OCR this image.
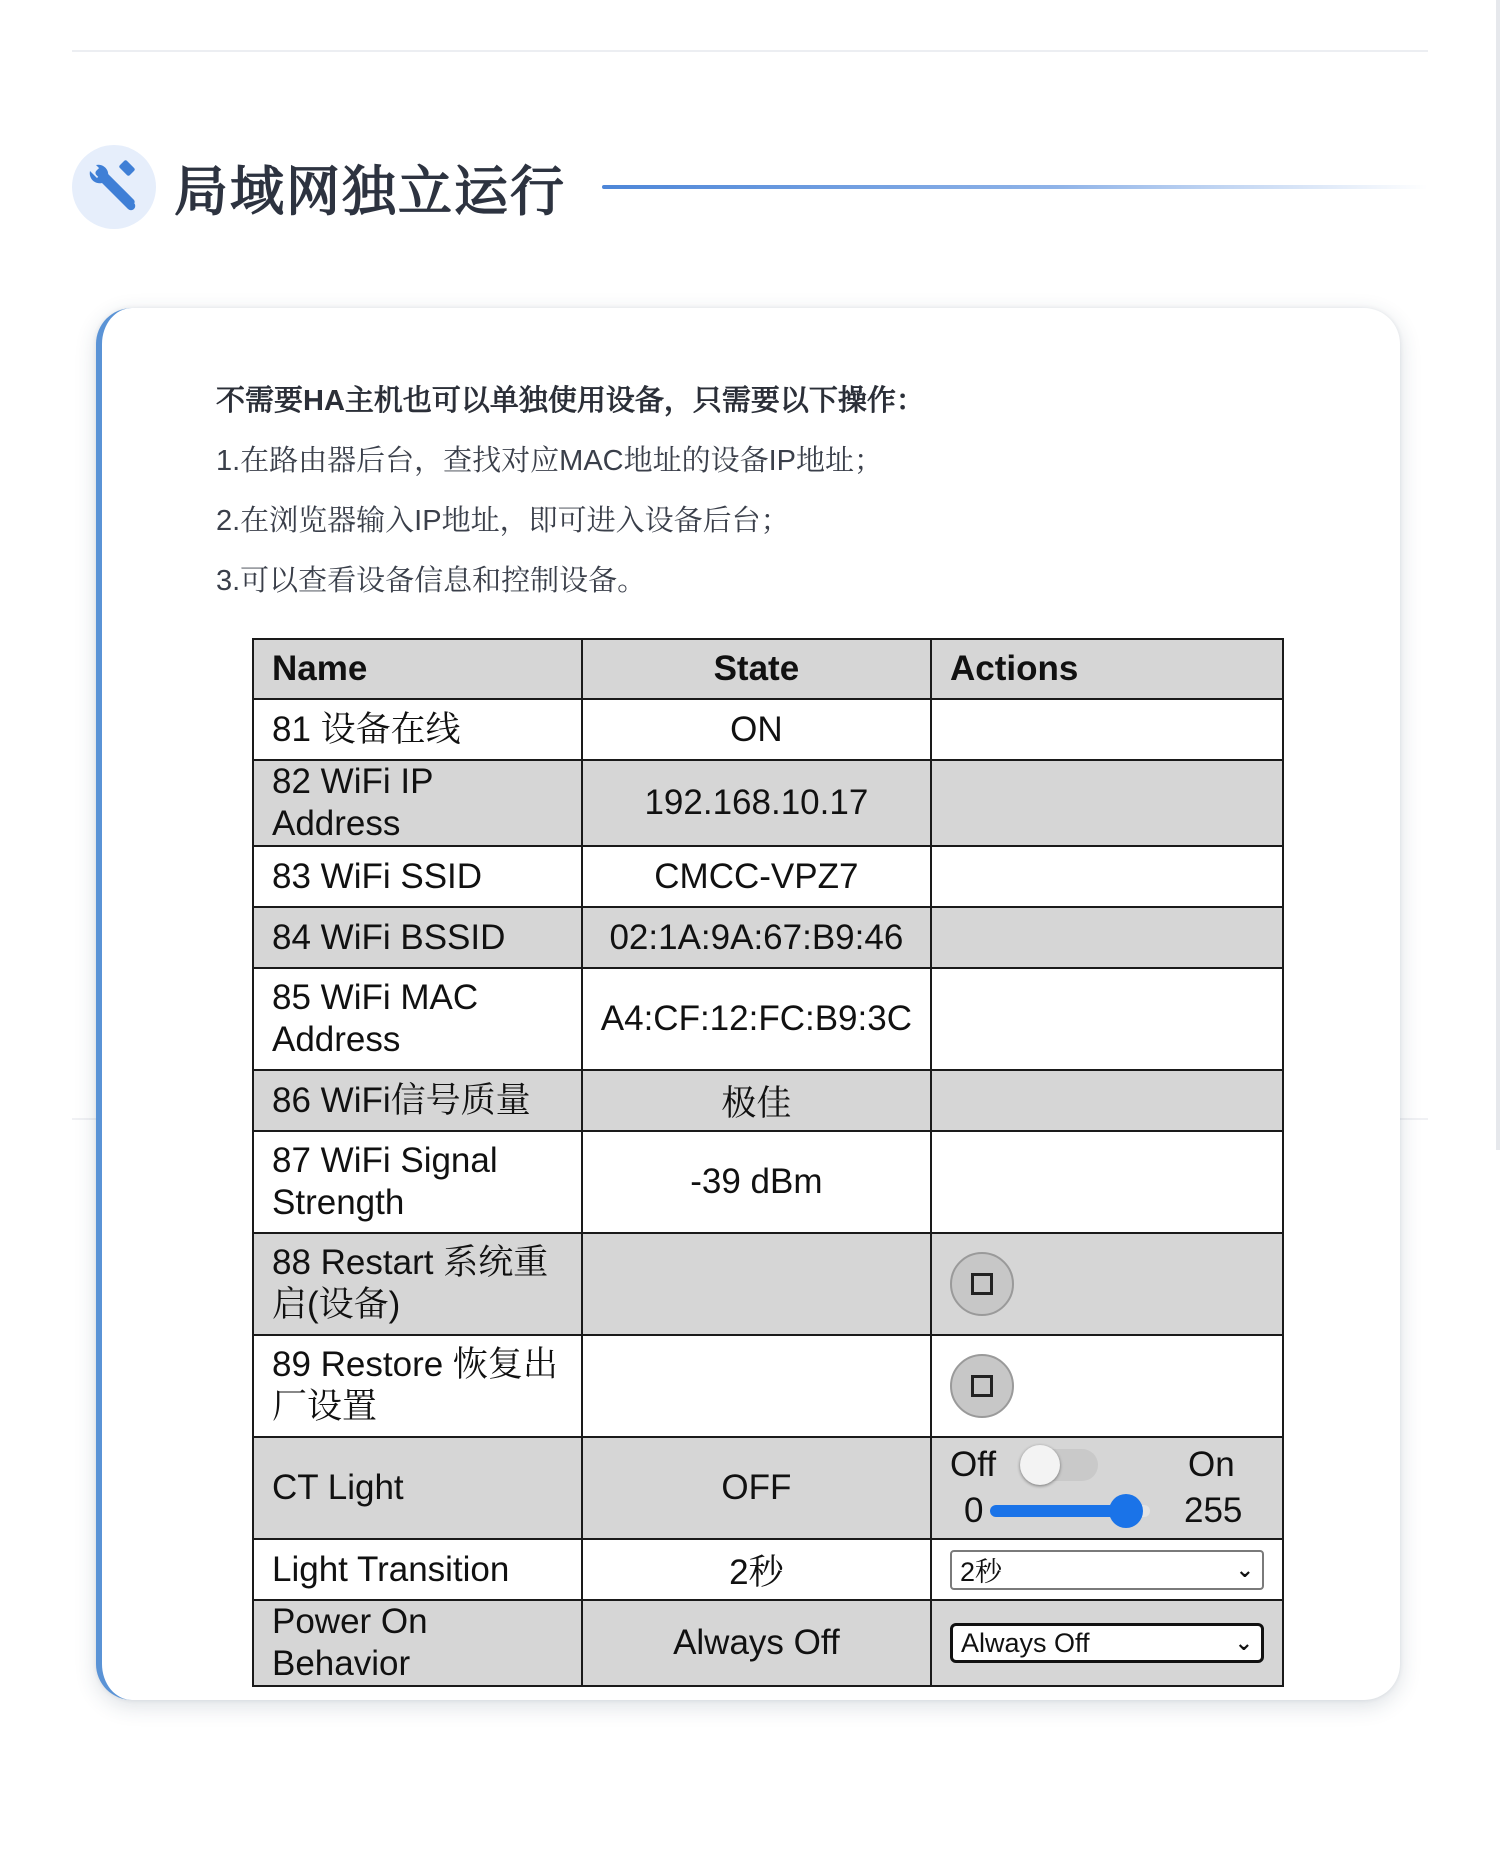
局域网独立运行

不需要HA主机也可以单独使用设备，只需要以下操作：

1.在路由器后台，查找对应MAC地址的设备IP地址；

2.在浏览器输入IP地址，即可进入设备后台；

3.可以查看设备信息和控制设备。

Name	State	Actions
81 设备在线	ON	
82 WiFi IP Address	192.168.10.17	
83 WiFi SSID	CMCC-VPZ7	
84 WiFi BSSID	02:1A:9A:67:B9:46	
85 WiFi MAC Address	A4:CF:12:FC:B9:3C	
86 WiFi信号质量	极佳	
87 WiFi Signal Strength	-39 dBm	
88 Restart 系统重启(设备)		

89 Restore 恢复出厂设置		

CT Light	OFF	Off On
0 255

Light Transition	2秒	2秒 ⌄

Power On Behavior	Always Off	Always Off ⌄
